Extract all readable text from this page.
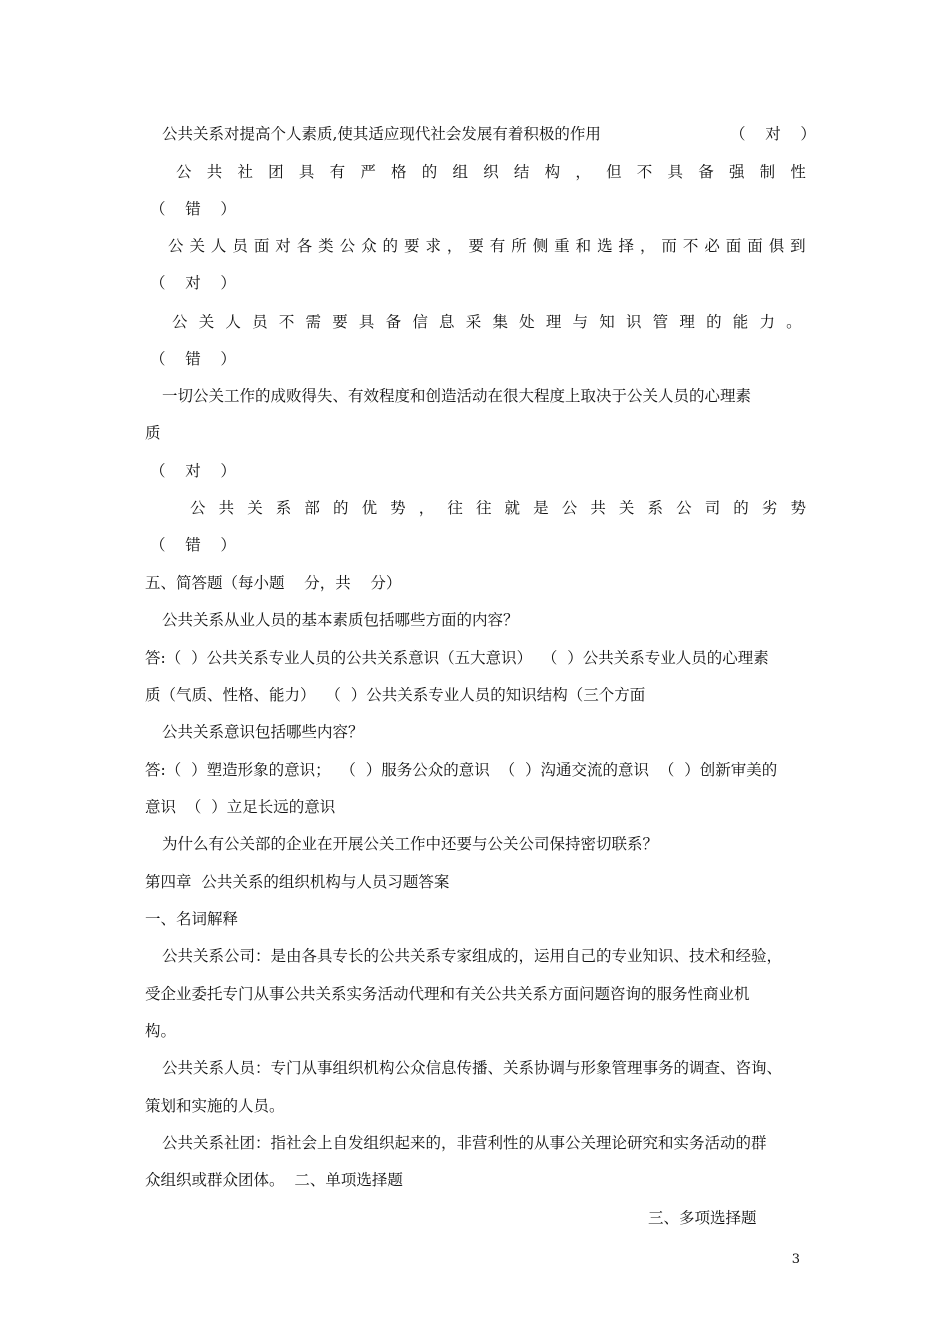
公共关系对提高个人素质,使其适应现代社会发展有着积极的作用	（    对    ）
公 共 社 团 具 有 严 格 的 组 织 结 构 ， 但 不 具 备 强 制 性
（    错    ）
公 关 人 员 面 对 各 类 公 众 的 要 求 ， 要 有 所 侧 重 和 选 择 ， 而 不 必 面 面 俱 到
（    对    ）
公 关 人 员 不 需 要 具 备 信 息 采 集 处 理 与 知 识 管 理 的 能 力 。
（    错    ）
一切公关工作的成败得失、有效程度和创造活动在很大程度上取决于公关人员的心理素
质
（    对    ）
公 共 关 系 部 的 优 势 ， 往 往 就 是 公 共 关 系 公 司 的 劣 势
（    错    ）
五、简答题（每小题    分，共    分）
公共关系从业人员的基本素质包括哪些方面的内容？
答:（  ）公共关系专业人员的公共关系意识（五大意识）  （  ）公共关系专业人员的心理素
质（气质、性格、能力）  （  ）公共关系专业人员的知识结构（三个方面
公共关系意识包括哪些内容？
答:（  ）塑造形象的意识；  （  ）服务公众的意识  （  ）沟通交流的意识  （  ）创新审美的
意识  （  ）立足长远的意识
为什么有公关部的企业在开展公关工作中还要与公关公司保持密切联系？
第四章  公共关系的组织机构与人员习题答案
一、名词解释
公共关系公司：是由各具专长的公共关系专家组成的，运用自己的专业知识、技术和经验，
受企业委托专门从事公共关系实务活动代理和有关公共关系方面问题咨询的服务性商业机
构。
公共关系人员：专门从事组织机构公众信息传播、关系协调与形象管理事务的调查、咨询、
策划和实施的人员。
公共关系社团：指社会上自发组织起来的，非营利性的从事公关理论研究和实务活动的群
众组织或群众团体。  二、单项选择题
三、多项选择题
3
